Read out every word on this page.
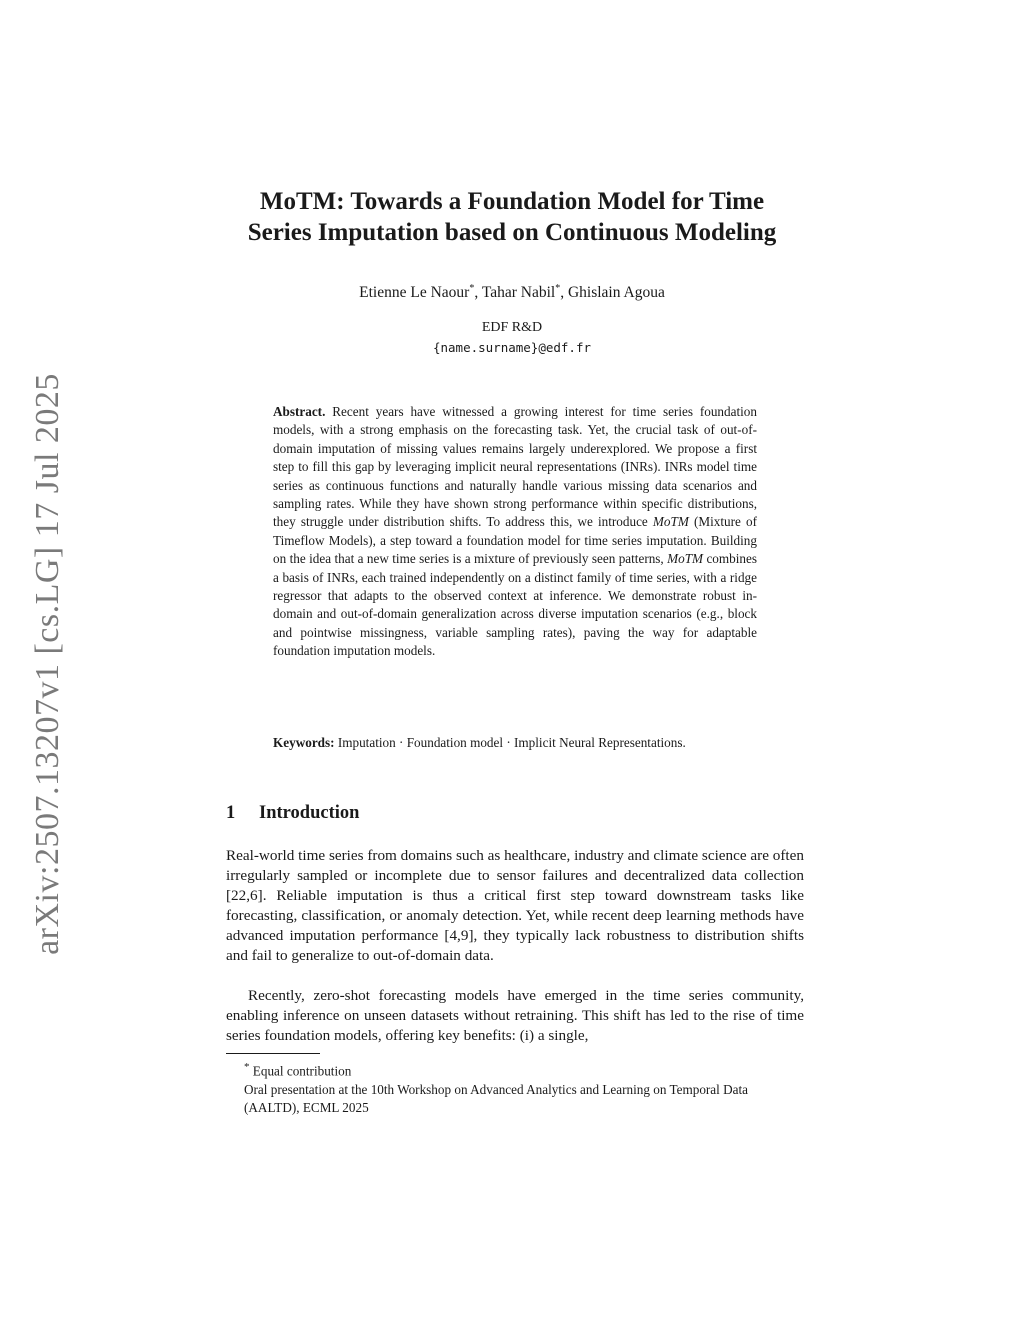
arXiv:2507.13207v1 [cs.LG] 17 Jul 2025
MoTM: Towards a Foundation Model for Time
Series Imputation based on Continuous Modeling
Etienne Le Naour*, Tahar Nabil*, Ghislain Agoua
EDF R&D
{name.surname}@edf.fr
Abstract. Recent years have witnessed a growing interest for time series foundation models, with a strong emphasis on the forecasting task. Yet, the crucial task of out-of-domain imputation of missing values remains largely underexplored. We propose a first step to fill this gap by leveraging implicit neural representations (INRs). INRs model time series as continuous functions and naturally handle various missing data scenarios and sampling rates. While they have shown strong performance within specific distributions, they struggle under distribution shifts. To address this, we introduce MoTM (Mixture of Timeflow Models), a step toward a foundation model for time series imputation. Building on the idea that a new time series is a mixture of previously seen patterns, MoTM combines a basis of INRs, each trained independently on a distinct family of time series, with a ridge regressor that adapts to the observed context at inference. We demonstrate robust in-domain and out-of-domain generalization across diverse imputation scenarios (e.g., block and pointwise missingness, variable sampling rates), paving the way for adaptable foundation imputation models.
Keywords: Imputation · Foundation model · Implicit Neural Representations.
1 Introduction

Real-world time series from domains such as healthcare, industry and climate science are often irregularly sampled or incomplete due to sensor failures and decentralized data collection [22,6]. Reliable imputation is thus a critical first step toward downstream tasks like forecasting, classification, or anomaly detection. Yet, while recent deep learning methods have advanced imputation performance [4,9], they typically lack robustness to distribution shifts and fail to generalize to out-of-domain data.

Recently, zero-shot forecasting models have emerged in the time series community, enabling inference on unseen datasets without retraining. This shift has led to the rise of time series foundation models, offering key benefits: (i) a single,

* Equal contribution
Oral presentation at the 10th Workshop on Advanced Analytics and Learning on Temporal Data (AALTD), ECML 2025
